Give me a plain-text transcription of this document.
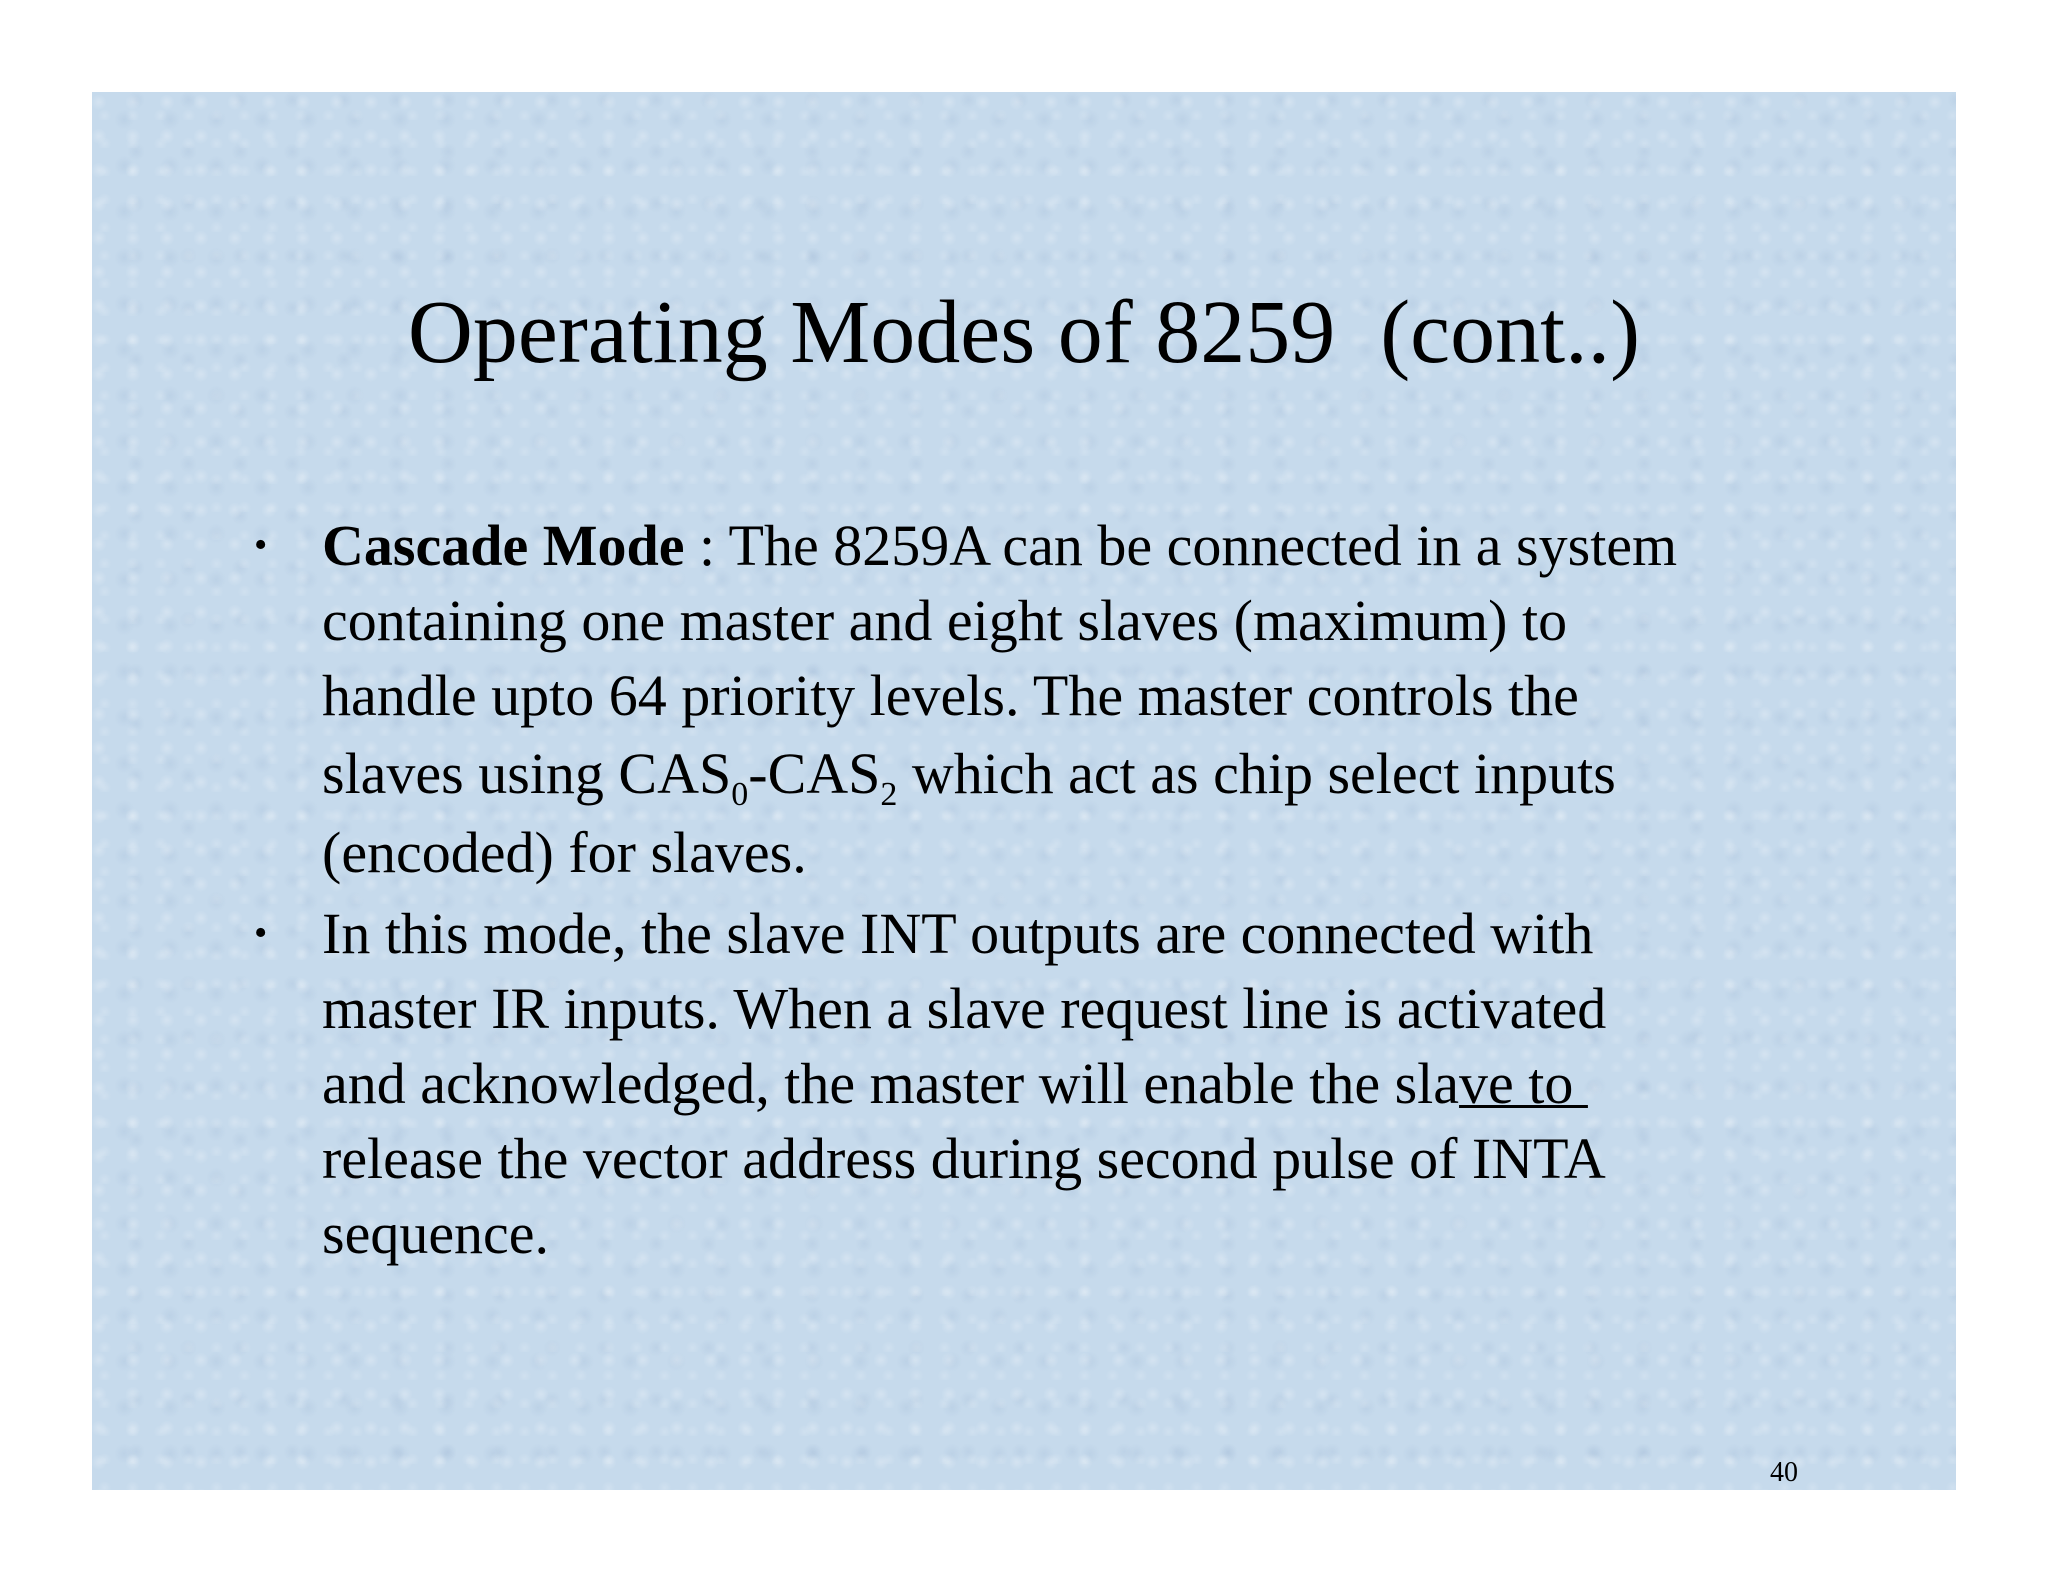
Operating Modes of 8259  (cont..)
• Cascade Mode : The 8259A can be connected in a system
containing one master and eight slaves (maximum) to
handle upto 64 priority levels. The master controls the
slaves using $CAS_0-CAS_2$ which act as chip select inputs
(encoded) for slaves.
• In this mode, the slave INT outputs are connected with
master IR inputs. When a slave request line is activated
and acknowledged, the master will enable the slave to
release the vector address during second pulse of INTA
sequence.
40
